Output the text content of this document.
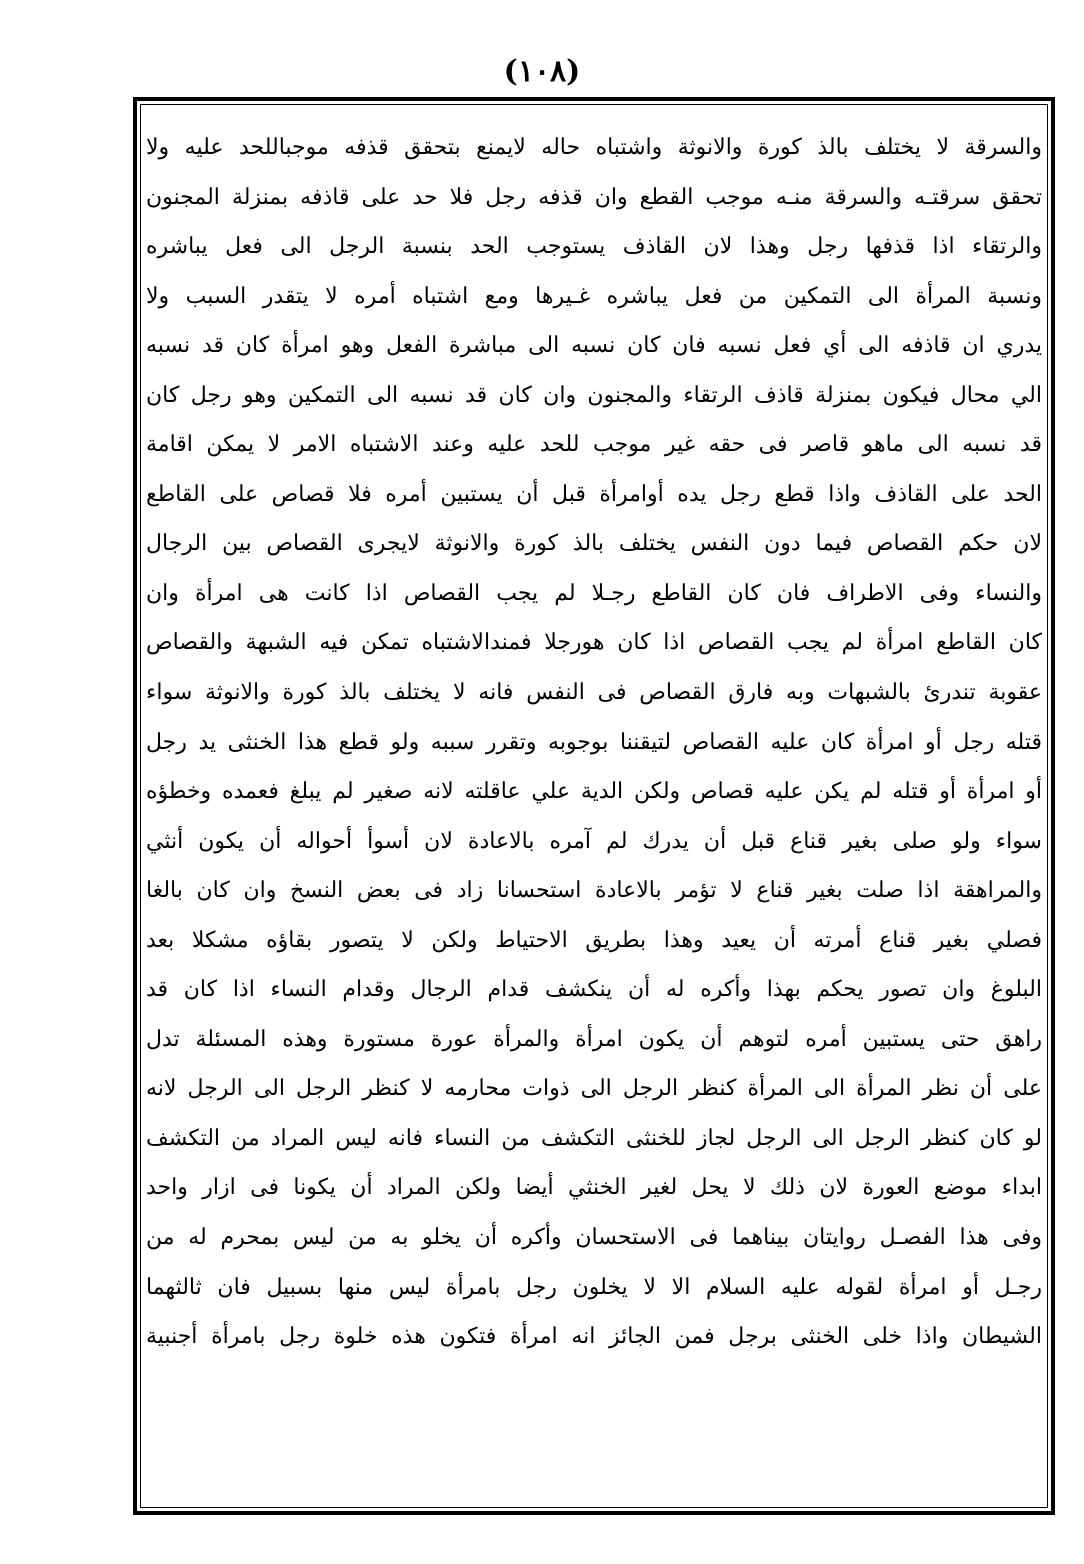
(١٠٨)
والسرقة لا يختلف بالذ كورة والانوثة واشتباه حاله لايمنع بتحقق قذفه موجباللحد عليه ولا
تحقق سرقتـه والسرقة منـه موجب القطع وان قذفه رجل فلا حد على قاذفه بمنزلة المجنون
والرتقاء اذا قذفها رجل وهذا لان القاذف يستوجب الحد بنسبة الرجل الى فعل يباشره
ونسبة المرأة الى التمكين من فعل يباشره غـيرها ومع اشتباه أمره لا يتقدر السبب ولا
يدري ان قاذفه الى أي فعل نسبه فان كان نسبه الى مباشرة الفعل وهو امرأة كان قد نسبه
الي محال فيكون بمنزلة قاذف الرتقاء والمجنون وان كان قد نسبه الى التمكين وهو رجل كان
قد نسبه الى ماهو قاصر فى حقه غير موجب للحد عليه وعند الاشتباه الامر لا يمكن اقامة
الحد على القاذف واذا قطع رجل يده أوامرأة قبل أن يستبين أمره فلا قصاص على القاطع
لان حكم القصاص فيما دون النفس يختلف بالذ كورة والانوثة لايجرى القصاص بين الرجال
والنساء وفى الاطراف فان كان القاطع رجـلا لم يجب القصاص اذا كانت هى امرأة وان
كان القاطع امرأة لم يجب القصاص اذا كان هورجلا فمندالاشتباه تمكن فيه الشبهة والقصاص
عقوبة تندرئ بالشبهات وبه فارق القصاص فى النفس فانه لا يختلف بالذ كورة والانوثة سواء
قتله رجل أو امرأة كان عليه القصاص لتيقننا بوجوبه وتقرر سببه ولو قطع هذا الخنثى يد رجل
أو امرأة أو قتله لم يكن عليه قصاص ولكن الدية علي عاقلته لانه صغير لم يبلغ فعمده وخطؤه
سواء ولو صلى بغير قناع قبل أن يدرك لم آمره بالاعادة لان أسوأ أحواله أن يكون أنثي
والمراهقة اذا صلت بغير قناع لا تؤمر بالاعادة استحسانا زاد فى بعض النسخ وان كان بالغا
فصلي بغير قناع أمرته أن يعيد وهذا بطريق الاحتياط ولكن لا يتصور بقاؤه مشكلا بعد
البلوغ وان تصور يحكم بهذا وأكره له أن ينكشف قدام الرجال وقدام النساء اذا كان قد
راهق حتى يستبين أمره لتوهم أن يكون امرأة والمرأة عورة مستورة وهذه المسئلة تدل
على أن نظر المرأة الى المرأة كنظر الرجل الى ذوات محارمه لا كنظر الرجل الى الرجل لانه
لو كان كنظر الرجل الى الرجل لجاز للخنثى التكشف من النساء فانه ليس المراد من التكشف
ابداء موضع العورة لان ذلك لا يحل لغير الخنثي أيضا ولكن المراد أن يكونا فى ازار واحد
وفى هذا الفصـل روايتان بيناهما فى الاستحسان وأكره أن يخلو به من ليس بمحرم له من
رجـل أو امرأة لقوله عليه السلام الا لا يخلون رجل بامرأة ليس منها بسبيل فان ثالثهما
الشيطان واذا خلى الخنثى برجل فمن الجائز انه امرأة فتكون هذه خلوة رجل بامرأة أجنبية
